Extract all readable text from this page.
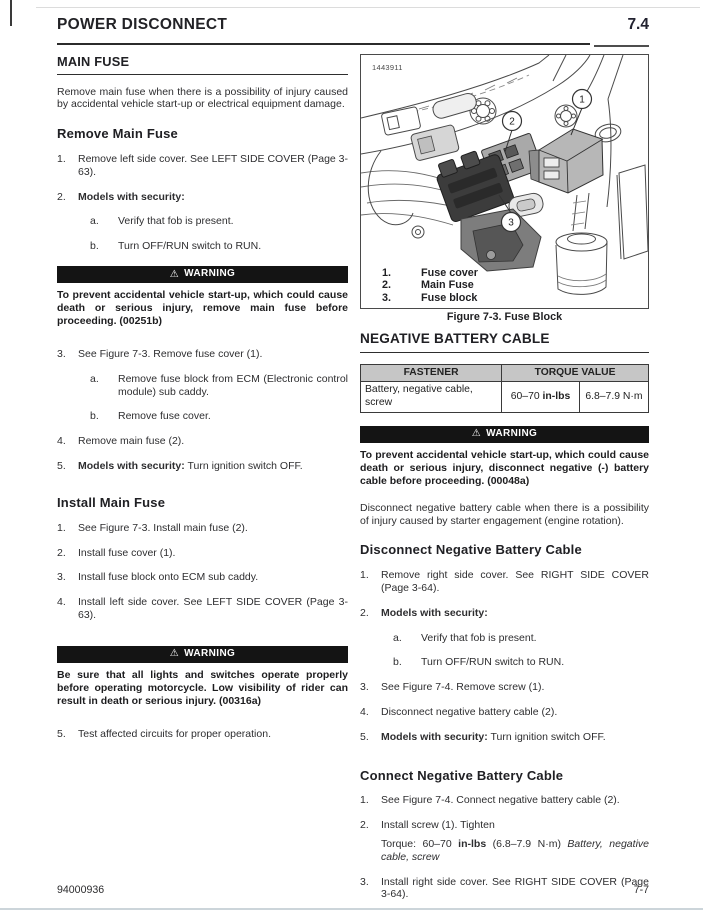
POWER DISCONNECT	7.4
MAIN FUSE

Remove main fuse when there is a possibility of injury caused by accidental vehicle start-up or electrical equipment damage.

Remove Main Fuse
1.	Remove left side cover. See LEFT SIDE COVER (Page 3-63).
2.	Models with security:
a.	Verify that fob is present.
b.	Turn OFF/RUN switch to RUN.
⚠ WARNING

To prevent accidental vehicle start-up, which could cause death or serious injury, remove main fuse before proceeding. (00251b)

3.	See Figure 7-3. Remove fuse cover (1).
a.	Remove fuse block from ECM (Electronic control module) sub caddy.
b.	Remove fuse cover.
4.	Remove main fuse (2).
5.	Models with security: Turn ignition switch OFF.
Install Main Fuse
1.	See Figure 7-3. Install main fuse (2).
2.	Install fuse cover (1).
3.	Install fuse block onto ECM sub caddy.
4.	Install left side cover. See LEFT SIDE COVER (Page 3-63).
⚠ WARNING

Be sure that all lights and switches operate properly before operating motorcycle. Low visibility of rider can result in death or serious injury. (00316a)

5.	Test affected circuits for proper operation.
1
2
3
1443911
1.	Fuse cover
2.	Main Fuse
3.	Fuse block
Figure 7-3. Fuse Block
NEGATIVE BATTERY CABLE
FASTENER	TORQUE VALUE	
Battery, negative cable, screw	60–70 in-lbs	6.8–7.9 N·m
⚠ WARNING

To prevent accidental vehicle start-up, which could cause death or serious injury, disconnect negative (-) battery cable before proceeding. (00048a)

Disconnect negative battery cable when there is a possibility of injury caused by starter engagement (engine rotation).

Disconnect Negative Battery Cable
1.	Remove right side cover. See RIGHT SIDE COVER (Page 3-64).
2.	Models with security:
a.	Verify that fob is present.
b.	Turn OFF/RUN switch to RUN.
3.	See Figure 7-4. Remove screw (1).
4.	Disconnect negative battery cable (2).
5.	Models with security: Turn ignition switch OFF.
Connect Negative Battery Cable
1.	See Figure 7-4. Connect negative battery cable (2).
2.	Install screw (1). Tighten
Torque: 60–70 in-lbs (6.8–7.9 N·m) Battery, negative cable, screw
3.	Install right side cover. See RIGHT SIDE COVER (Page 3-64).
94000936	7-7
